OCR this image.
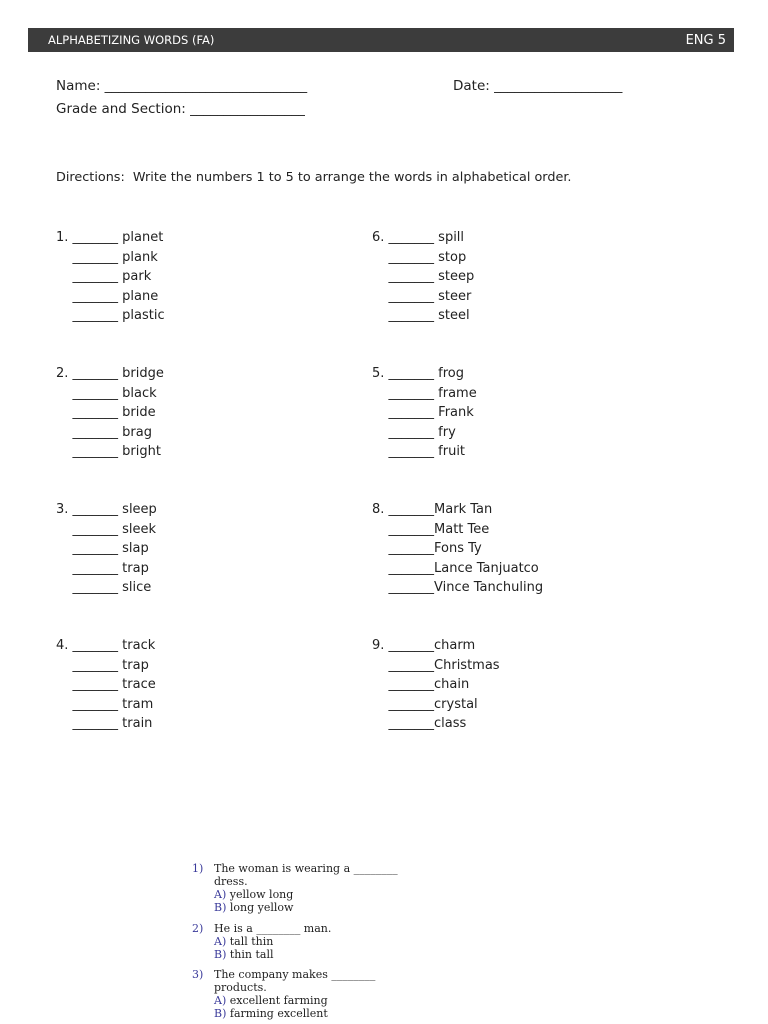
ALPHABETIZING WORDS (FA)	ENG 5
Name: ______________________________	Date: ___________________
Grade and Section: _________________
Directions:  Write the numbers 1 to 5 to arrange the words in alphabetical order.
1. _______ planet
_______ plank
_______ park
_______ plane
_______ plastic
6. _______ spill
_______ stop
_______ steep
_______ steer
_______ steel
2. _______ bridge
_______ black
_______ bride
_______ brag
_______ bright
5. _______ frog
_______ frame
_______ Frank
_______ fry
_______ fruit
3. _______ sleep
_______ sleek
_______ slap
_______ trap
_______ slice
8. _______Mark Tan
_______Matt Tee
_______Fons Ty
_______Lance Tanjuatco
_______Vince Tanchuling
4. _______ track
_______ trap
_______ trace
_______ tram
_______ train
9. _______charm
_______Christmas
_______chain
_______crystal
_______class
1) The woman is wearing a ________
dress.
A) yellow long
B) long yellow
2) He is a ________ man.
A) tall thin
B) thin tall
3) The company makes ________
products.
A) excellent farming
B) farming excellent
